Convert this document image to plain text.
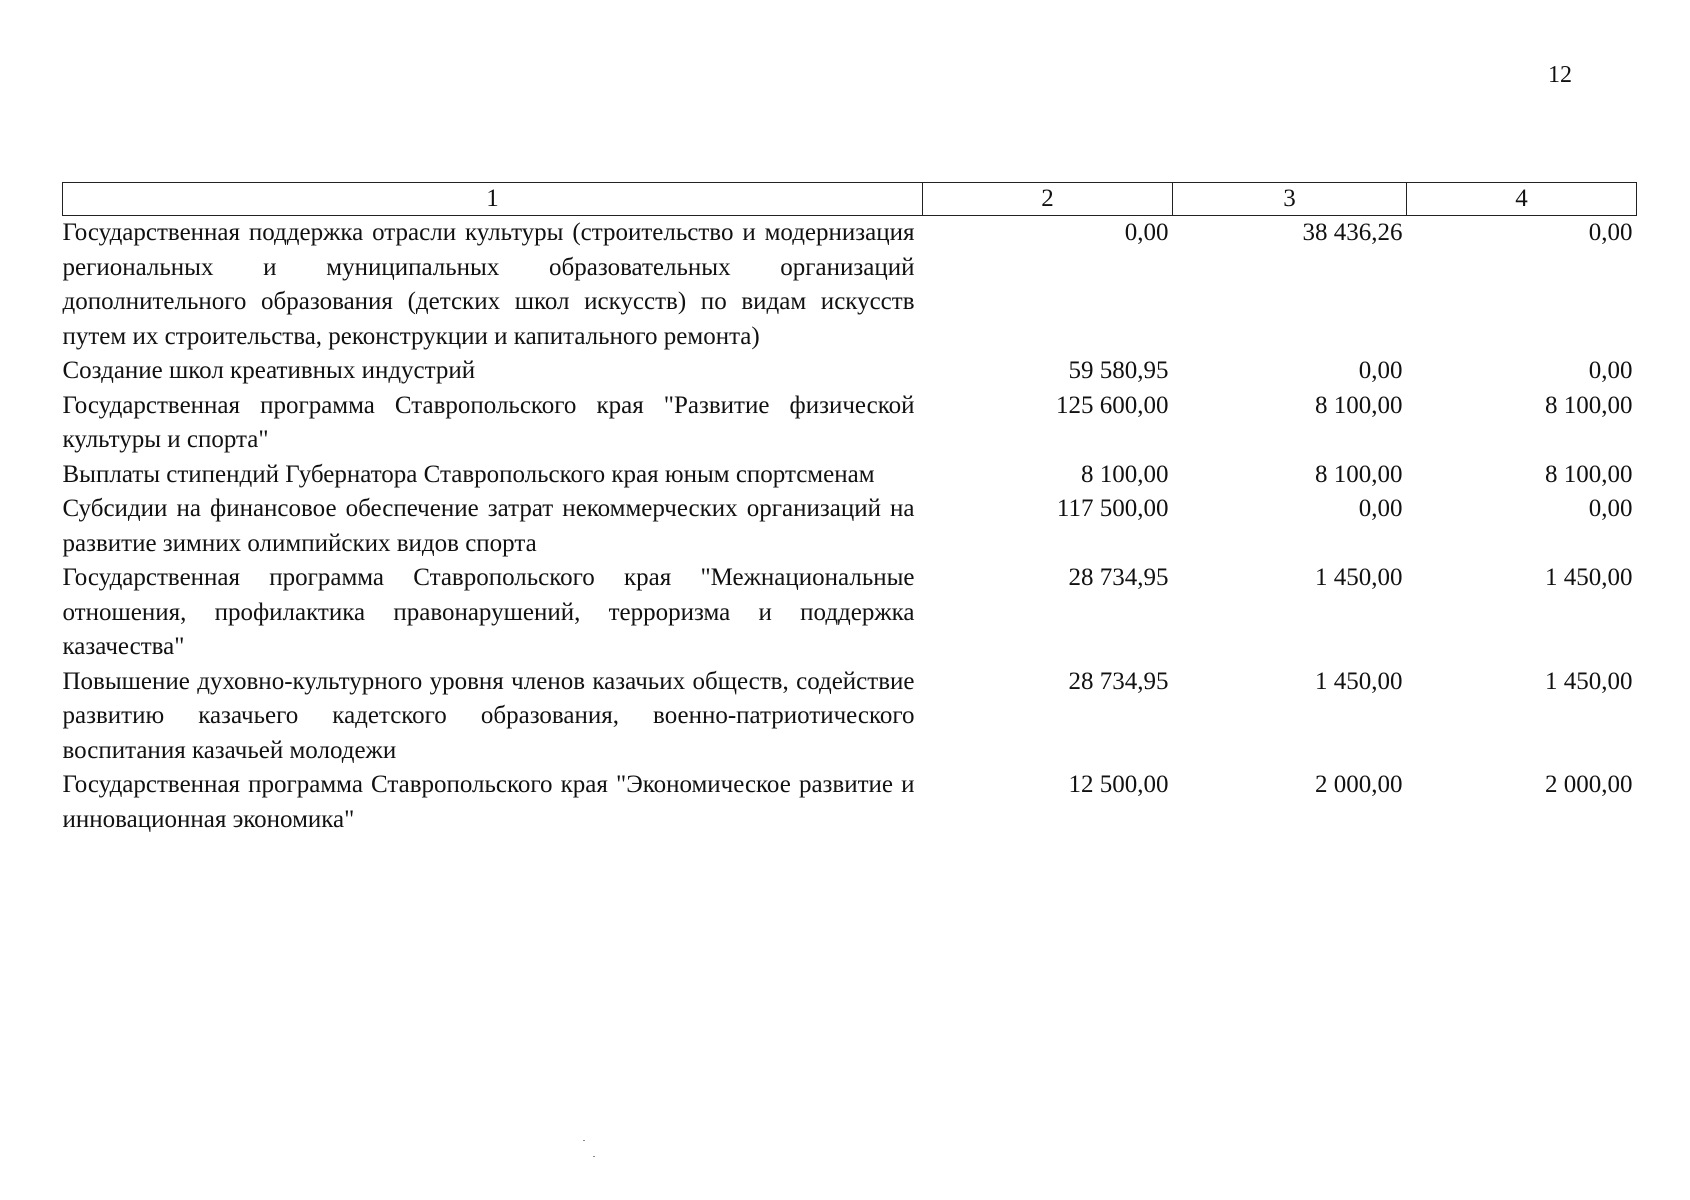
12
1	2	3	4
Государственная поддержка отрасли культуры (строительство и модернизация региональных и муниципальных образовательных организаций дополнительного образования (детских школ искусств) по видам искусств путем их строительства, реконструкции и капитального ремонта)	0,00	38 436,26	0,00
Создание школ креативных индустрий	59 580,95	0,00	0,00
Государственная программа Ставропольского края "Развитие физической культуры и спорта"	125 600,00	8 100,00	8 100,00
Выплаты стипендий Губернатора Ставропольского края юным спортсменам	8 100,00	8 100,00	8 100,00
Субсидии на финансовое обеспечение затрат некоммерческих организаций на развитие зимних олимпийских видов спорта	117 500,00	0,00	0,00
Государственная программа Ставропольского края "Межнациональные отношения, профилактика правонарушений, терроризма и поддержка казачества"	28 734,95	1 450,00	1 450,00
Повышение духовно-культурного уровня членов казачьих обществ, содействие развитию казачьего кадетского образования, военно-патриотического воспитания казачьей молодежи	28 734,95	1 450,00	1 450,00
Государственная программа Ставропольского края "Экономическое развитие и инновационная экономика"	12 500,00	2 000,00	2 000,00
